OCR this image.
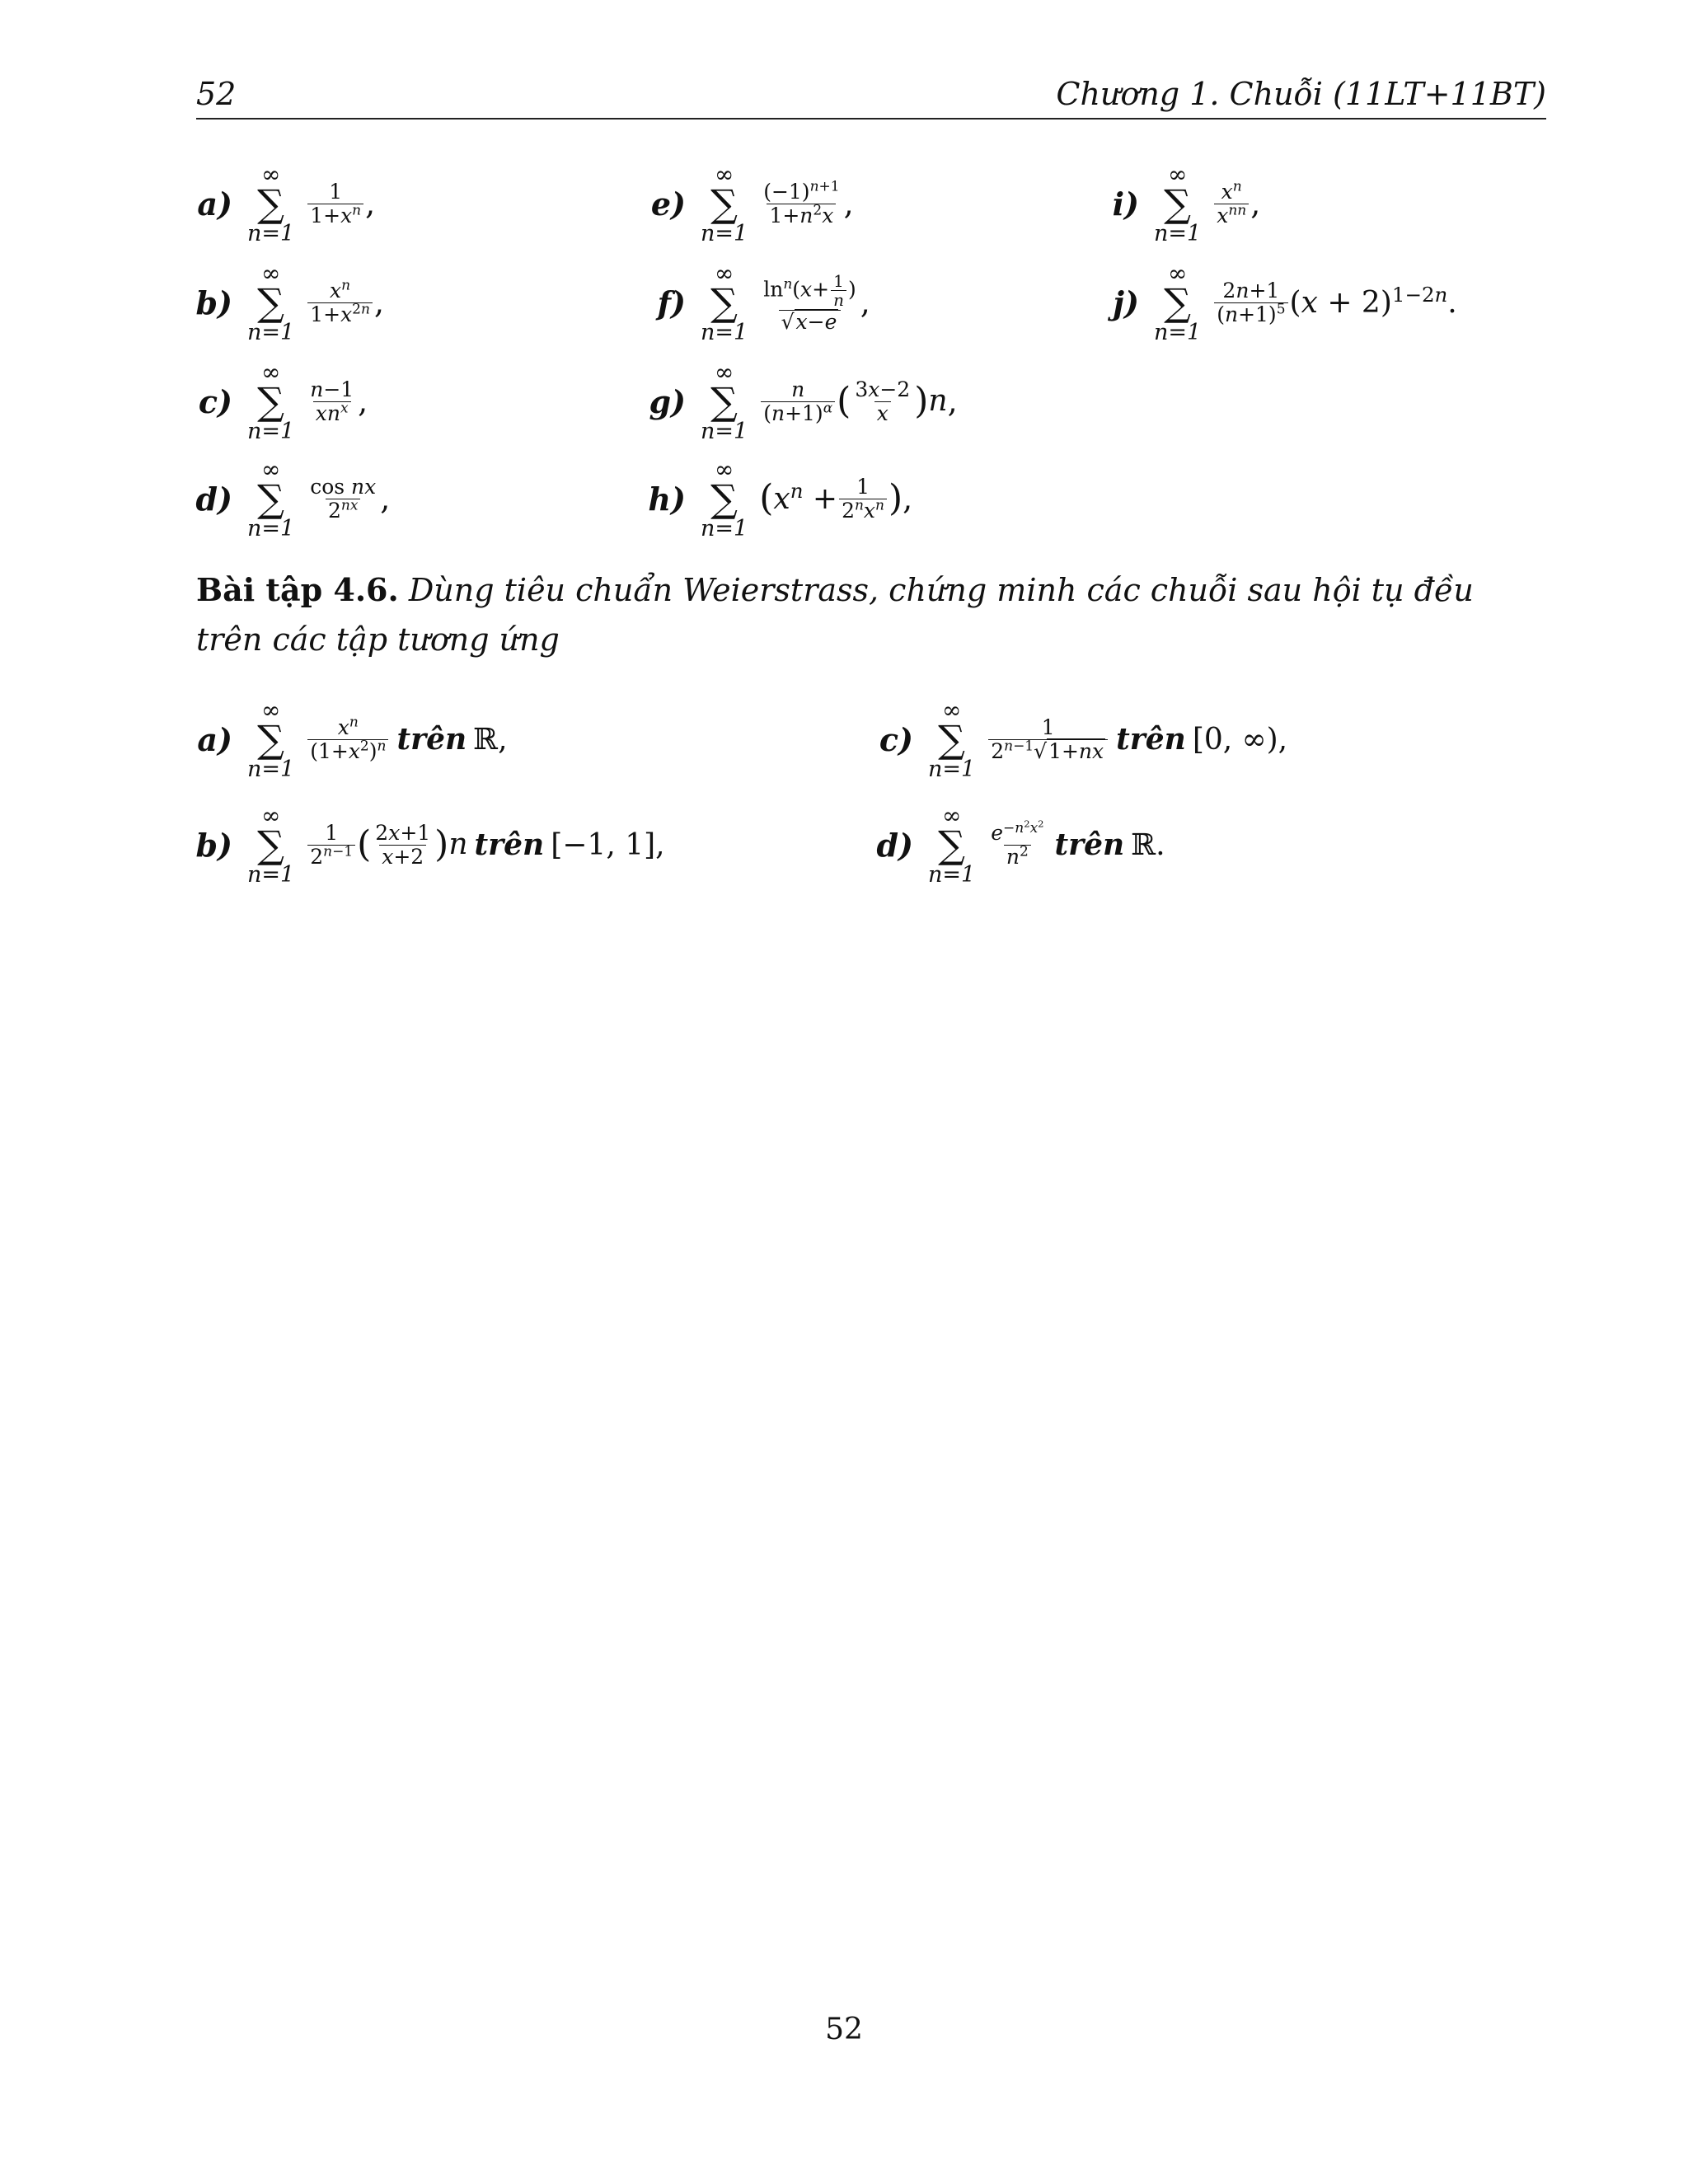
52	Chương 1. Chuỗi (11LT+11BT)
a)
∞
∑
n=1
$\frac{1}{1+x^n}$ ,
b)
∞
∑
n=1
$\frac{x^n}{1+x^{2n}}$ ,
c)
∞
∑
n=1
$\frac{n-1}{xn^x}$ ,
d)
∞
∑
n=1
$\frac{\text{cos nx}}{2^{nx}}$ ,
e)
∞
∑
n=1
$\frac{(-1)^{n+1}}{1+n^2x}$ ,
f)
∞
∑
$n=1 \frac{\ln^n(x+ \frac{1}{n} )}{√x-e}$ ,
g)
∞
∑
n=1
$\frac{n}{(n+1)^\alpha}$ ( $\frac{3x-2}{x}$ ) n ,
h)
∞
∑
n=1
( $x^n + \frac{1}{2^nx^n}$ ) ,
i)
∞
∑
n=1
$\frac{x^n}{x^{nn}}$ ,
j)
∞
∑
n=1
$\frac{2n+1}{(n+1)^5} (x + 2)^{1-2n}$.
Bài tập 4.6. Dùng tiêu chuẩn Weierstrass, chứng minh các chuỗi sau hội tụ đều trên các tập tương ứng
a)
∞
∑
n=1
$\frac{x^n}{(1+x^2)^n}$ trên ℝ,
b)
∞
∑
n=1
$\frac{1}{2^{n-1}}$ ( $\frac{2x+1}{x+2}$ ) n trên [−1, 1],
c)
∞
∑
n=1
$\frac{1}{2^{n-1}√1+nx}$ trên [0, ∞),
d)
∞
∑
n=1
$\frac{e^{-n^2x^2}}{n^2}$ trên ℝ.
52
